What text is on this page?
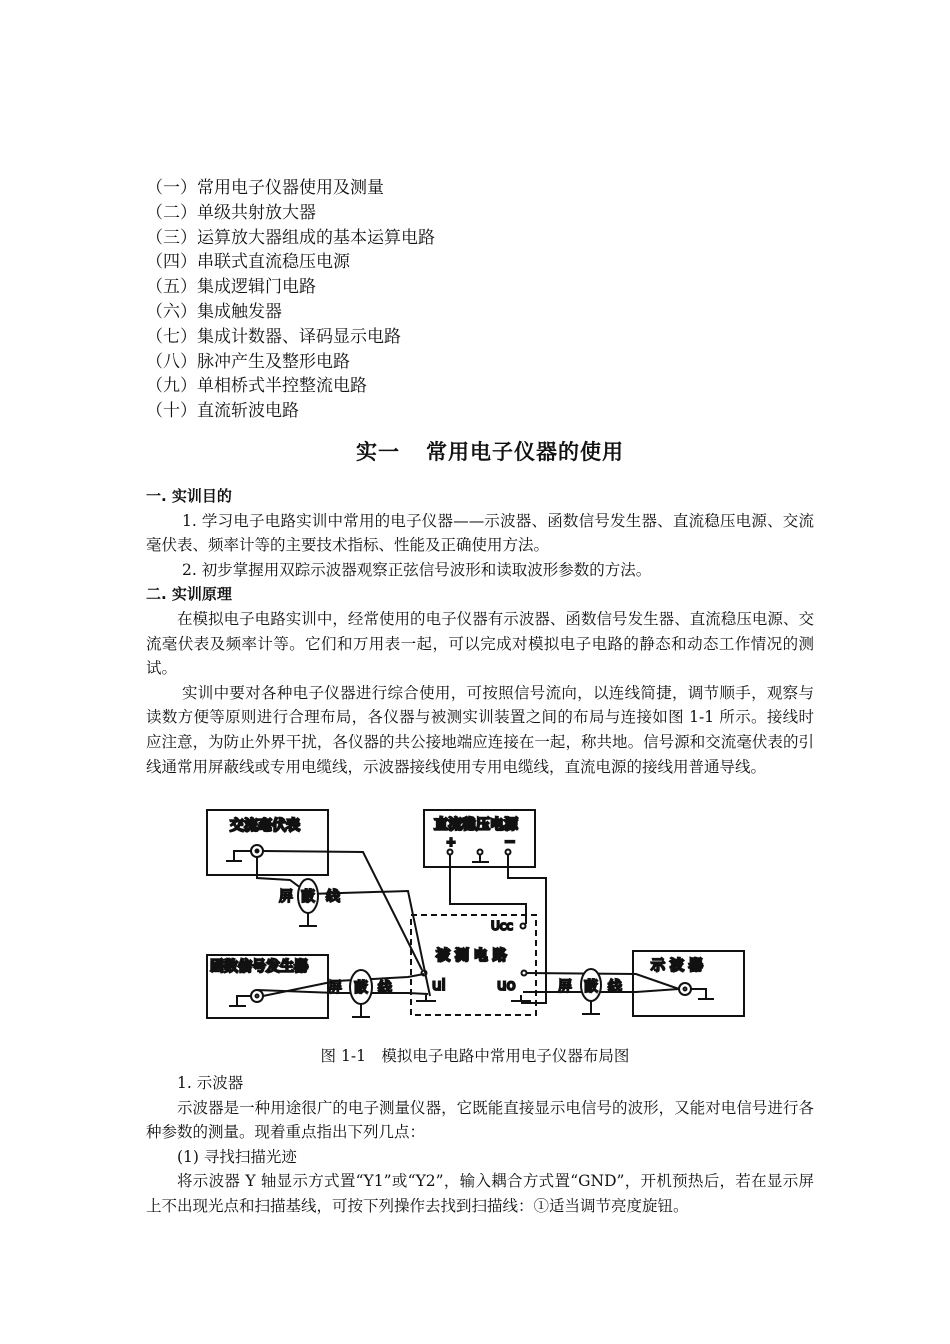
（一）常用电子仪器使用及测量
（二）单级共射放大器
（三）运算放大器组成的基本运算电路
（四）串联式直流稳压电源
（五）集成逻辑门电路
（六）集成触发器
（七）集成计数器、译码显示电路
（八）脉冲产生及整形电路
（九）单相桥式半控整流电路
（十）直流斩波电路
实一 常用电子仪器的使用
一. 实训目的
1. 学习电子电路实训中常用的电子仪器——示波器、函数信号发生器、直流稳压电源、交流毫伏表、频率计等的主要技术指标、性能及正确使用方法。
2. 初步掌握用双踪示波器观察正弦信号波形和读取波形参数的方法。
二. 实训原理
在模拟电子电路实训中，经常使用的电子仪器有示波器、函数信号发生器、直流稳压电源、交流毫伏表及频率计等。它们和万用表一起，可以完成对模拟电子电路的静态和动态工作情况的测试。
实训中要对各种电子仪器进行综合使用，可按照信号流向，以连线简捷，调节顺手，观察与读数方便等原则进行合理布局，各仪器与被测实训装置之间的布局与连接如图 1-1 所示。接线时应注意，为防止外界干扰，各仪器的共公接地端应连接在一起，称共地。信号源和交流毫伏表的引线通常用屏蔽线或专用电缆线，示波器接线使用专用电缆线，直流电源的接线用普通导线。
交流毫伏表	直流稳压电源
+	−
函数信号发生器	示 波 器
被 测 电 路
Ucc
ui	uo
屏 蔽 线
屏 蔽 线	屏 蔽 线
图 1-1　模拟电子电路中常用电子仪器布局图
1. 示波器
示波器是一种用途很广的电子测量仪器，它既能直接显示电信号的波形，又能对电信号进行各种参数的测量。现着重点指出下列几点：
(1) 寻找扫描光迹
将示波器 Y 轴显示方式置“Y1”或“Y2”，输入耦合方式置“GND”，开机预热后，若在显示屏上不出现光点和扫描基线，可按下列操作去找到扫描线：①适当调节亮度旋钮。
